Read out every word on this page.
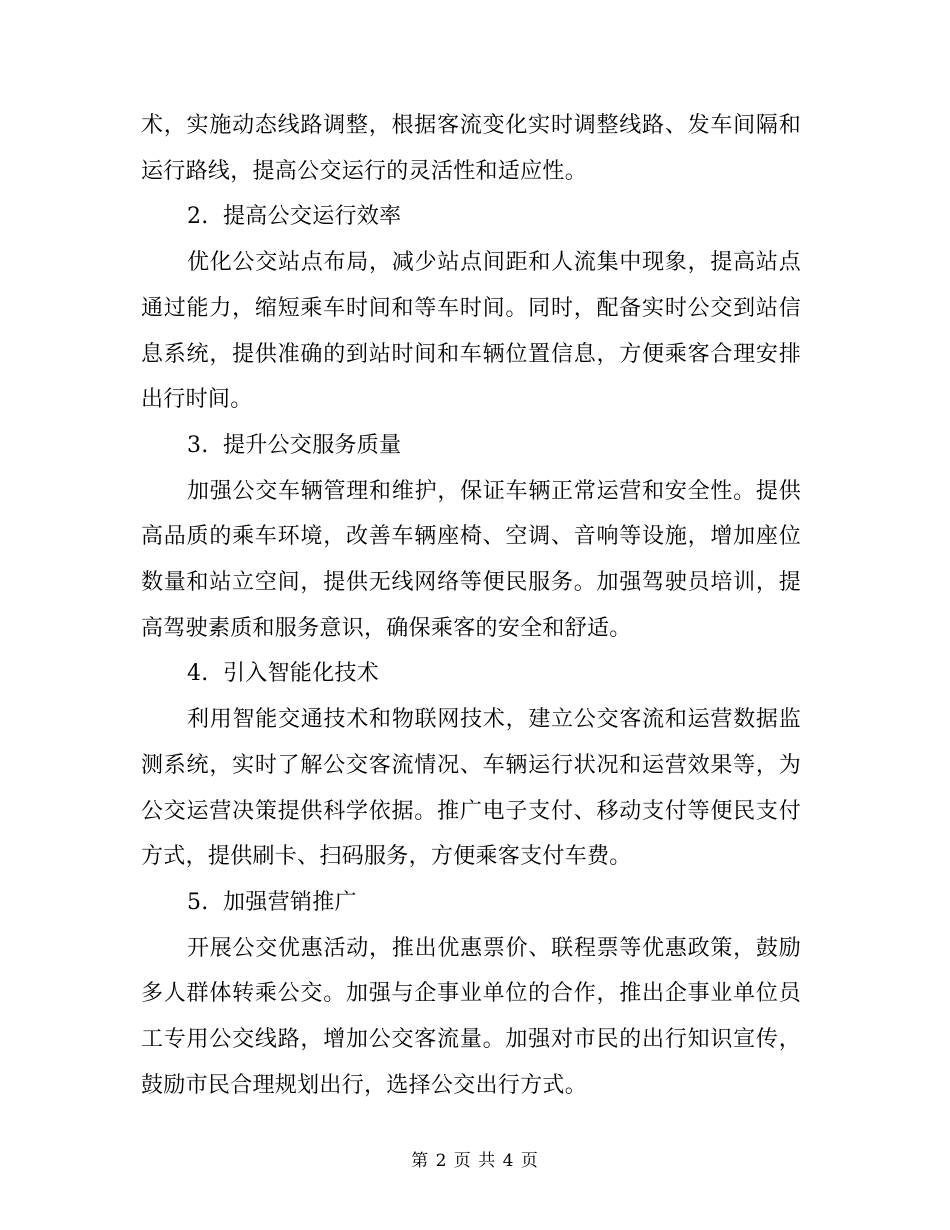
术，实施动态线路调整，根据客流变化实时调整线路、发车间隔和运行路线，提高公交运行的灵活性和适应性。

2. 提高公交运行效率

优化公交站点布局，减少站点间距和人流集中现象，提高站点通过能力，缩短乘车时间和等车时间。同时，配备实时公交到站信息系统，提供准确的到站时间和车辆位置信息，方便乘客合理安排出行时间。

3. 提升公交服务质量

加强公交车辆管理和维护，保证车辆正常运营和安全性。提供高品质的乘车环境，改善车辆座椅、空调、音响等设施，增加座位数量和站立空间，提供无线网络等便民服务。加强驾驶员培训，提高驾驶素质和服务意识，确保乘客的安全和舒适。

4. 引入智能化技术

利用智能交通技术和物联网技术，建立公交客流和运营数据监测系统，实时了解公交客流情况、车辆运行状况和运营效果等，为公交运营决策提供科学依据。推广电子支付、移动支付等便民支付方式，提供刷卡、扫码服务，方便乘客支付车费。

5. 加强营销推广

开展公交优惠活动，推出优惠票价、联程票等优惠政策，鼓励多人群体转乘公交。加强与企事业单位的合作，推出企事业单位员工专用公交线路，增加公交客流量。加强对市民的出行知识宣传，鼓励市民合理规划出行，选择公交出行方式。

第 2 页 共 4 页
